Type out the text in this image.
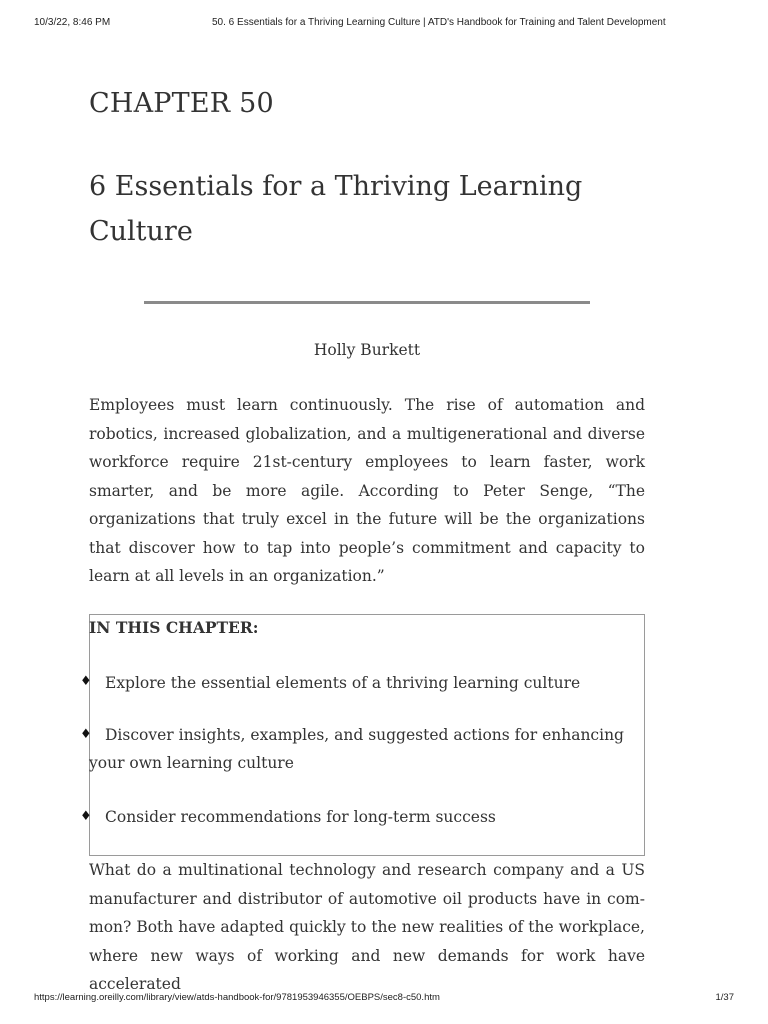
10/3/22, 8:46 PM	50. 6 Essentials for a Thriving Learning Culture | ATD's Handbook for Training and Talent Development
CHAPTER 50
6 Essentials for a Thriving Learning Culture

Holly Burkett

Employees must learn continuously. The rise of automation and robotics, increased globalization, and a multigenerational and diverse workforce require 21st-century employees to learn faster, work smarter, and be more agile. According to Peter Senge, “The organizations that truly excel in the future will be the organizations that discover how to tap into people’s commitment and capacity to learn at all levels in an organization.”

IN THIS CHAPTER:

♦ Explore the essential elements of a thriving learning culture

♦ Discover insights, examples, and suggested actions for enhancing your own learning culture

♦ Consider recommendations for long-term success

What do a multinational technology and research company and a US manufacturer and distributor of automotive oil products have in com-mon? Both have adapted quickly to the new realities of the workplace, where new ways of working and new demands for work have accelerated

https://learning.oreilly.com/library/view/atds-handbook-for/9781953946355/OEBPS/sec8-c50.htm	1/37
